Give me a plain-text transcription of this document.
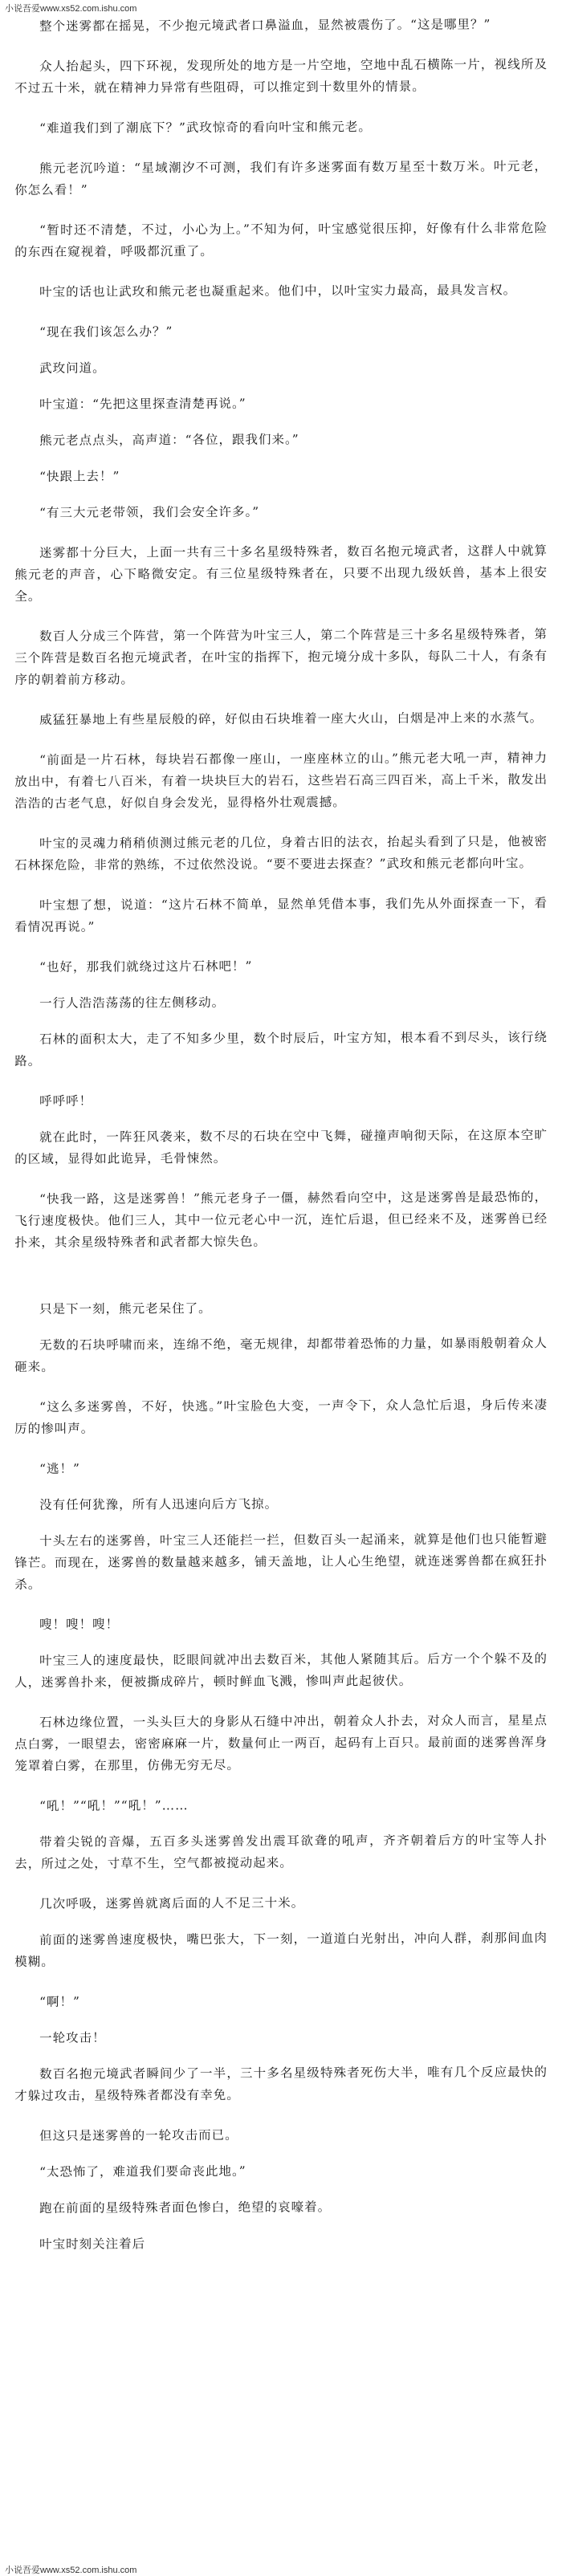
小说吾爱www.xs52.com.ishu.com

整个迷雾都在摇晃，不少抱元境武者口鼻溢血，显然被震伤了。“这是哪里？”

众人抬起头，四下环视，发现所处的地方是一片空地，空地中乱石横陈一片，视线所及不过五十米，就在精神力异常有些阻碍，可以推定到十数里外的情景。

“难道我们到了潮底下？”武玫惊奇的看向叶宝和熊元老。

熊元老沉吟道：“星域潮汐不可测，我们有许多迷雾面有数万星至十数万米。叶元老，你怎么看！”

“暂时还不清楚，不过，小心为上。”不知为何，叶宝感觉很压抑，好像有什么非常危险的东西在窥视着，呼吸都沉重了。

叶宝的话也让武玫和熊元老也凝重起来。他们中，以叶宝实力最高，最具发言权。

“现在我们该怎么办？”

武玫问道。

叶宝道：“先把这里探查清楚再说。”

熊元老点点头，高声道：“各位，跟我们来。”

“快跟上去！”

“有三大元老带领，我们会安全许多。”

迷雾都十分巨大，上面一共有三十多名星级特殊者，数百名抱元境武者，这群人中就算熊元老的声音，心下略微安定。有三位星级特殊者在，只要不出现九级妖兽，基本上很安全。

数百人分成三个阵营，第一个阵营为叶宝三人，第二个阵营是三十多名星级特殊者，第三个阵营是数百名抱元境武者，在叶宝的指挥下，抱元境分成十多队，每队二十人，有条有序的朝着前方移动。

威猛狂暴地上有些星辰般的碎，好似由石块堆着一座大火山，白烟是冲上来的水蒸气。

“前面是一片石林，每块岩石都像一座山，一座座林立的山。”熊元老大吼一声，精神力放出中，有着七八百米，有着一块块巨大的岩石，这些岩石高三四百米，高上千米，散发出浩浩的古老气息，好似自身会发光，显得格外壮观震撼。

叶宝的灵魂力稍稍侦测过熊元老的几位，身着古旧的法衣，抬起头看到了只是，他被密石林探危险，非常的熟练，不过依然没说。“要不要进去探查？”武玫和熊元老都向叶宝。

叶宝想了想，说道：“这片石林不简单，显然单凭借本事，我们先从外面探查一下，看看情况再说。”

“也好，那我们就绕过这片石林吧！”

一行人浩浩荡荡的往左侧移动。

石林的面积太大，走了不知多少里，数个时辰后，叶宝方知，根本看不到尽头，该行绕路。

呼呼呼！

就在此时，一阵狂风袭来，数不尽的石块在空中飞舞，碰撞声响彻天际，在这原本空旷的区域，显得如此诡异，毛骨悚然。

“快我一路，这是迷雾兽！”熊元老身子一僵，赫然看向空中，这是迷雾兽是最恐怖的，飞行速度极快。他们三人，其中一位元老心中一沉，连忙后退，但已经来不及，迷雾兽已经扑来，其余星级特殊者和武者都大惊失色。

只是下一刻，熊元老呆住了。

无数的石块呼啸而来，连绵不绝，毫无规律，却都带着恐怖的力量，如暴雨般朝着众人砸来。

“这么多迷雾兽，不好，快逃。”叶宝脸色大变，一声令下，众人急忙后退，身后传来凄厉的惨叫声。

“逃！”

没有任何犹豫，所有人迅速向后方飞掠。

十头左右的迷雾兽，叶宝三人还能拦一拦，但数百头一起涌来，就算是他们也只能暂避锋芒。而现在，迷雾兽的数量越来越多，铺天盖地，让人心生绝望，就连迷雾兽都在疯狂扑杀。

嗖！嗖！嗖！

叶宝三人的速度最快，眨眼间就冲出去数百米，其他人紧随其后。后方一个个躲不及的人，迷雾兽扑来，便被撕成碎片，顿时鲜血飞溅，惨叫声此起彼伏。

石林边缘位置，一头头巨大的身影从石缝中冲出，朝着众人扑去，对众人而言，星星点点白雾，一眼望去，密密麻麻一片，数量何止一两百，起码有上百只。最前面的迷雾兽浑身笼罩着白雾，在那里，仿佛无穷无尽。

“吼！”“吼！”“吼！”……

带着尖锐的音爆，五百多头迷雾兽发出震耳欲聋的吼声，齐齐朝着后方的叶宝等人扑去，所过之处，寸草不生，空气都被搅动起来。

几次呼吸，迷雾兽就离后面的人不足三十米。

前面的迷雾兽速度极快，嘴巴张大，下一刻，一道道白光射出，冲向人群，刹那间血肉模糊。

“啊！”

一轮攻击！

数百名抱元境武者瞬间少了一半，三十多名星级特殊者死伤大半，唯有几个反应最快的才躲过攻击，星级特殊者都没有幸免。

但这只是迷雾兽的一轮攻击而已。

“太恐怖了，难道我们要命丧此地。”

跑在前面的星级特殊者面色惨白，绝望的哀嚎着。

叶宝时刻关注着后

小说吾爱www.xs52.com.ishu.com
